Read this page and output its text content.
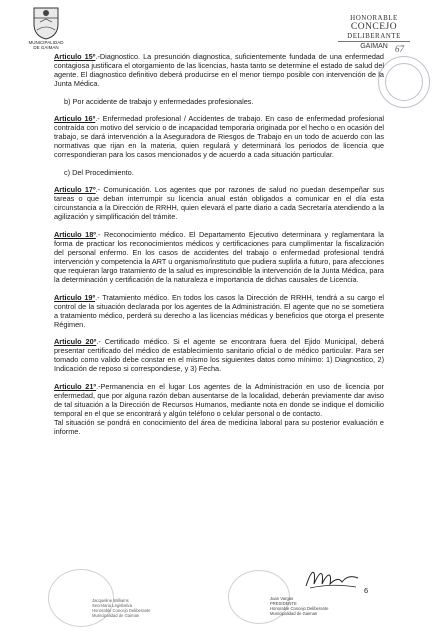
MUNICIPALIDAD
DE GAIMAN
HONORABLE
CONCEJO
DELIBERANTE
GAIMAN 67

Articulo 15º.-Diagnostico. La presunción diagnostica, suficientemente fundada de una enfermedad contagiosa justificara el otorgamiento de las licencias, hasta tanto se determine el estado de salud del agente. El diagnostico definitivo deberá producirse en el menor tiempo posible con intervención de la Junta Médica.

b) Por accidente de trabajo y enfermedades profesionales.

Articulo 16º.- Enfermedad profesional / Accidentes de trabajo. En caso de enfermedad profesional contraída con motivo del servicio o de incapacidad temporaria originada por el hecho o en ocasión del trabajo, se dará intervención a la Aseguradora de Riesgos de Trabajo en un todo de acuerdo con las normativas que rijan en la materia, quien regulará y determinará los periodos de licencia que correspondieran para los casos mencionados y de acuerdo a cada situación particular.

c) Del Procedimiento.

Articulo 17º.- Comunicación. Los agentes que por razones de salud no puedan desempeñar sus tareas o que deban interrumpir su licencia anual están obligados a comunicar en el día esta circunstancia a la Dirección de RRHH, quien elevará el parte diario a cada Secretaría atendiendo a la agilización y simplificación del trámite.

Articulo 18º.- Reconocimiento médico. El Departamento Ejecutivo determinara y reglamentara la forma de practicar los reconocimientos médicos y certificaciones para cumplimentar la fiscalización del personal enfermo. En los casos de accidentes del trabajo o enfermedad profesional tendrá intervención y competencia la ART u organismo/instituto que pudiera suplirla a futuro, para afecciones que requieran largo tratamiento de la salud es imprescindible la intervención de la Junta Médica, para la determinación y certificación de la naturaleza e importancia de dichas causales de Licencia.

Articulo 19º.- Tratamiento médico. En todos los casos la Dirección de RRHH, tendrá a su cargo el control de la situación declarada por los agentes de la Administración. El agente que no se sometiera a tratamiento médico, perderá su derecho a las licencias médicas y beneficios que otorga el presente Régimen.

Articulo 20º.- Certificado médico. Si el agente se encontrara fuera del Ejido Municipal, deberá presentar certificado del médico de establecimiento sanitario oficial o de médico particular. Para ser tomado como valido debe constar en el mismo los siguientes datos como mínimo: 1) Diagnostico, 2) Indicación de reposo si correspondiese, y 3) Fecha.

Articulo 21º.-Permanencia en el lugar Los agentes de la Administración en uso de licencia por enfermedad, que por alguna razón deban ausentarse de la localidad, deberán previamente dar aviso de tal situación a la Dirección de Recursos Humanos, mediante nota en donde se indique el domicilio temporal en el que se encontrará y algún teléfono o celular personal o de contacto.

Tal situación se pondrá en conocimiento del área de medicina laboral para su posterior evaluación e informe.

Jacqueline Williams
Secretaria Legislativa
Honorable Concejo Deliberante
Municipalidad de Gaiman
Juan Vargas
PRESIDENTE
Honorable Concejo Deliberante
Municipalidad de Gaiman
6
